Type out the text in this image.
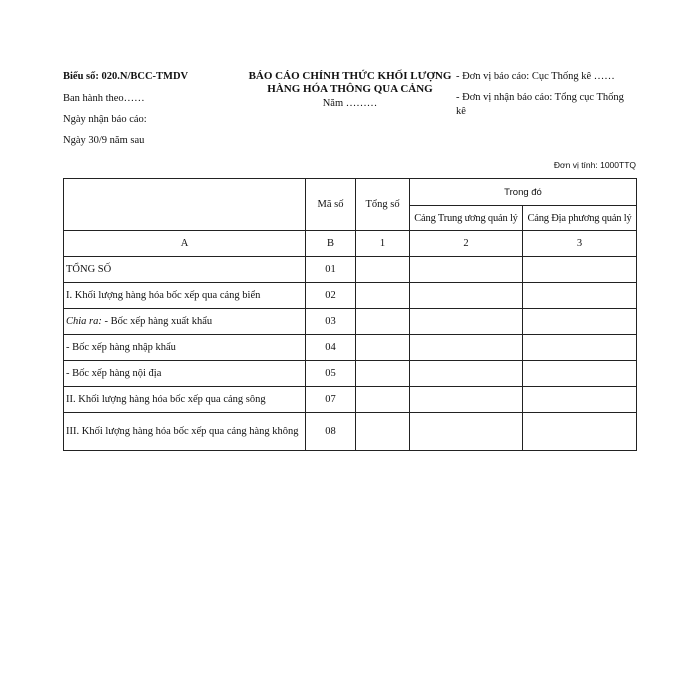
Biểu số: 020.N/BCC-TMDV
Ban hành theo……
Ngày nhận báo cáo:
Ngày 30/9 năm sau
BÁO CÁO CHÍNH THỨC KHỐI LƯỢNG
HÀNG HÓA THÔNG QUA CẢNG
Năm ………
- Đơn vị báo cáo: Cục Thống kê ……
- Đơn vị nhận báo cáo: Tổng cục Thống kê
Đơn vị tính: 1000TTQ
	Mã số	Tổng số	Trong đó	
			Cảng Trung ương quản lý	Cảng Địa phương quản lý
A	B	1	2	3
TỔNG SỐ	01			
I. Khối lượng hàng hóa bốc xếp qua cảng biển	02			
Chia ra: - Bốc xếp hàng xuất khẩu	03			
- Bốc xếp hàng nhập khẩu	04			
- Bốc xếp hàng nội địa	05			
II. Khối lượng hàng hóa bốc xếp qua cảng sông	07			
III. Khối lượng hàng hóa bốc xếp qua cảng hàng không	08			
